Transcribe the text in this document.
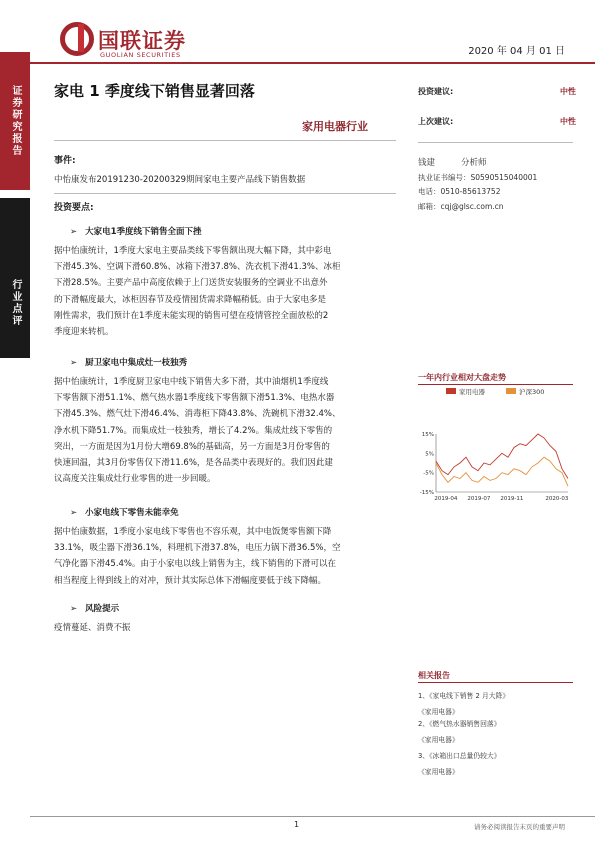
证券研究报告
行业点评
国联证券
GUOLIAN SECURITIES	2020 年 04 月 01 日
家电 1 季度线下销售显著回落
家用电器行业
投资建议:	中性
上次建议:	中性
事件:
中怡康发布20191230-20200329期间家电主要产品线下销售数据
投资要点:
➢ 大家电1季度线下销售全面下挫
据中怡康统计，1季度大家电主要品类线下零售额出现大幅下降，其中彩电
下滑45.3%、空调下滑60.8%、冰箱下滑37.8%、洗衣机下滑41.3%、冰柜
下滑28.5%。主要产品中高度依赖于上门送货安装服务的空调业不出意外
的下滑幅度最大，冰柜因春节及疫情囤货需求降幅稍低。由于大家电多是
刚性需求，我们预计在1季度未能实现的销售可望在疫情管控全面放松的2
季度迎来转机。
➢ 厨卫家电中集成灶一枝独秀
据中怡康统计，1季度厨卫家电中线下销售大多下滑，其中油烟机1季度线
下零售额下滑51.1%、燃气热水器1季度线下零售额下滑51.3%、电热水器
下滑45.3%、燃气灶下滑46.4%、消毒柜下降43.8%、洗碗机下滑32.4%、
净水机下降51.7%。而集成灶一枝独秀，增长了4.2%。集成灶线下零售的
突出，一方面是因为1月份大增69.8%的基础高，另一方面是3月份零售的
快速回温，其3月份零售仅下滑11.6%，是各品类中表现好的。我们因此建
议高度关注集成灶行业零售的进一步回暖。
➢ 小家电线下零售未能幸免
据中怡康数据，1季度小家电线下零售也不容乐观，其中电饭煲零售额下降
33.1%，吸尘器下滑36.1%，料理机下滑37.8%，电压力锅下滑36.5%，空
气净化器下滑45.4%。由于小家电以线上销售为主，线下销售的下滑可以在
相当程度上得到线上的对冲，预计其实际总体下滑幅度要低于线下降幅。
➢ 风险提示
疫情蔓延、消费不振
钱建	分析师
执业证书编号：S0590515040001
电话：0510-85613752
邮箱：cqj@glsc.com.cn
一年内行业相对大盘走势
家用电器	沪深300
15%
5%
-5%
-15%
2019-04 2019-07 2019-11	2020-03
相关报告
1、《家电线下销售 2 月大降》
《家用电器》
2、《燃气热水器销售回落》
《家用电器》
3、《冰箱出口总量仍较大》
《家用电器》
1	请务必阅读报告末页的重要声明
